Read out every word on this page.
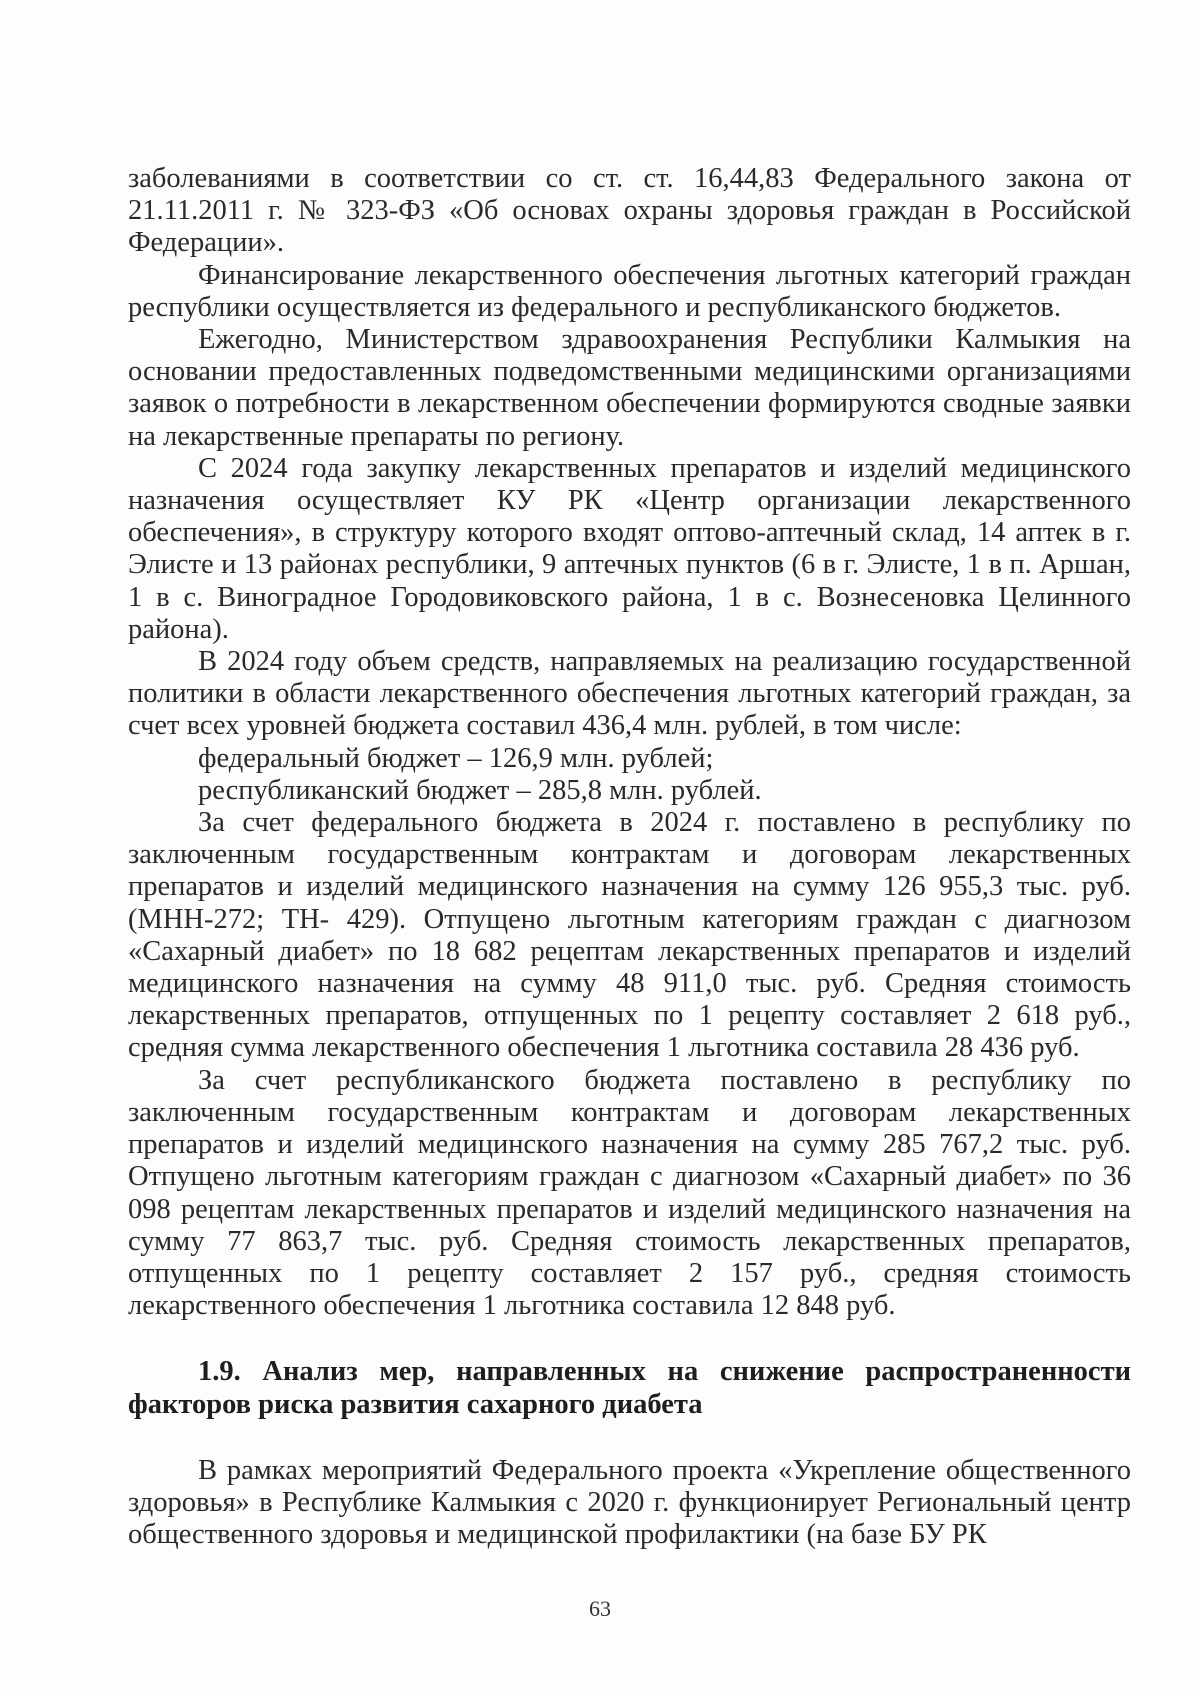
заболеваниями в соответствии со ст. ст. 16,44,83 Федерального закона от 21.11.2011 г. № 323-ФЗ «Об основах охраны здоровья граждан в Российской Федерации».

Финансирование лекарственного обеспечения льготных категорий граждан республики осуществляется из федерального и республиканского бюджетов.

Ежегодно, Министерством здравоохранения Республики Калмыкия на основании предоставленных подведомственными медицинскими организациями заявок о потребности в лекарственном обеспечении формируются сводные заявки на лекарственные препараты по региону.

С 2024 года закупку лекарственных препаратов и изделий медицинского назначения осуществляет КУ РК «Центр организации лекарственного обеспечения», в структуру которого входят оптово-аптечный склад, 14 аптек в г. Элисте и 13 районах республики, 9 аптечных пунктов (6 в г. Элисте, 1 в п. Аршан, 1 в с. Виноградное Городовиковского района, 1 в с. Вознесеновка Целинного района).

В 2024 году объем средств, направляемых на реализацию государственной политики в области лекарственного обеспечения льготных категорий граждан, за счет всех уровней бюджета составил 436,4 млн. рублей, в том числе:

федеральный бюджет – 126,9 млн. рублей;

республиканский бюджет – 285,8 млн. рублей.

За счет федерального бюджета в 2024 г. поставлено в республику по заключенным государственным контрактам и договорам лекарственных препаратов и изделий медицинского назначения на сумму 126 955,3 тыс. руб. (МНН-272; ТН- 429). Отпущено льготным категориям граждан с диагнозом «Сахарный диабет» по 18 682 рецептам лекарственных препаратов и изделий медицинского назначения на сумму 48 911,0 тыс. руб. Средняя стоимость лекарственных препаратов, отпущенных по 1 рецепту составляет 2 618 руб., средняя сумма лекарственного обеспечения 1 льготника составила 28 436 руб.

За счет республиканского бюджета поставлено в республику по заключенным государственным контрактам и договорам лекарственных препаратов и изделий медицинского назначения на сумму 285 767,2 тыс. руб. Отпущено льготным категориям граждан с диагнозом «Сахарный диабет» по 36 098 рецептам лекарственных препаратов и изделий медицинского назначения на сумму 77 863,7 тыс. руб. Средняя стоимость лекарственных препаратов, отпущенных по 1 рецепту составляет 2 157 руб., средняя стоимость лекарственного обеспечения 1 льготника составила 12 848 руб.

1.9. Анализ мер, направленных на снижение распространенности факторов риска развития сахарного диабета

В рамках мероприятий Федерального проекта «Укрепление общественного здоровья» в Республике Калмыкия с 2020 г. функционирует Региональный центр общественного здоровья и медицинской профилактики (на базе БУ РК

63
